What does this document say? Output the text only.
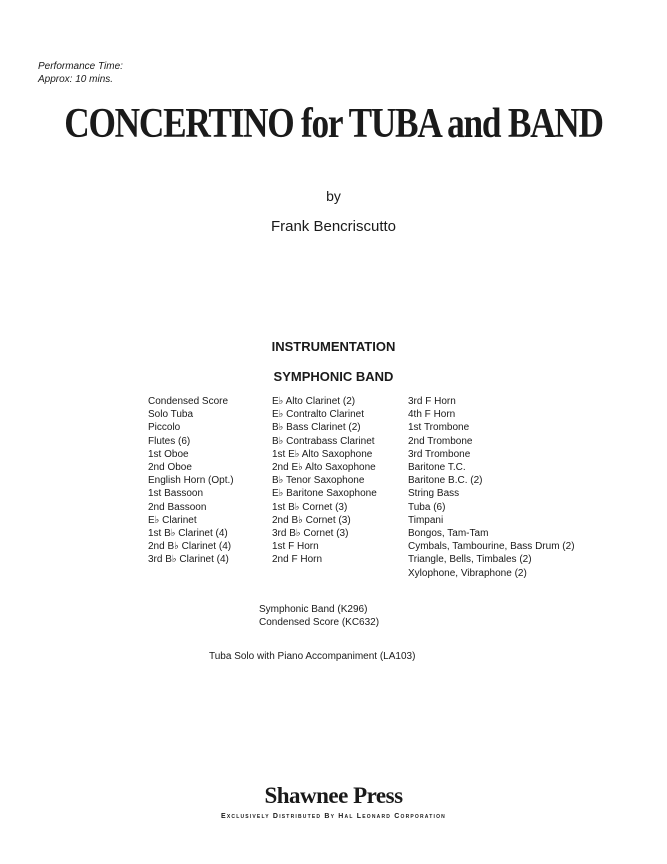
Performance Time:
Approx: 10 mins.
CONCERTINO for TUBA and BAND
by
Frank Bencriscutto
INSTRUMENTATION
SYMPHONIC BAND
Condensed Score
Solo Tuba
Piccolo
Flutes (6)
1st Oboe
2nd Oboe
English Horn (Opt.)
1st Bassoon
2nd Bassoon
E♭ Clarinet
1st B♭ Clarinet (4)
2nd B♭ Clarinet (4)
3rd B♭ Clarinet (4)
E♭ Alto Clarinet (2)
E♭ Contralto Clarinet
B♭ Bass Clarinet (2)
B♭ Contrabass Clarinet
1st E♭ Alto Saxophone
2nd E♭ Alto Saxophone
B♭ Tenor Saxophone
E♭ Baritone Saxophone
1st B♭ Cornet (3)
2nd B♭ Cornet (3)
3rd B♭ Cornet (3)
1st F Horn
2nd F Horn
3rd F Horn
4th F Horn
1st Trombone
2nd Trombone
3rd Trombone
Baritone T.C.
Baritone B.C. (2)
String Bass
Tuba (6)
Timpani
Bongos, Tam-Tam
Cymbals, Tambourine, Bass Drum (2)
Triangle, Bells, Timbales (2)
Xylophone, Vibraphone (2)
Symphonic Band (K296)
Condensed Score (KC632)
Tuba Solo with Piano Accompaniment (LA103)
Shawnee Press
Exclusively Distributed By Hal Leonard Corporation
